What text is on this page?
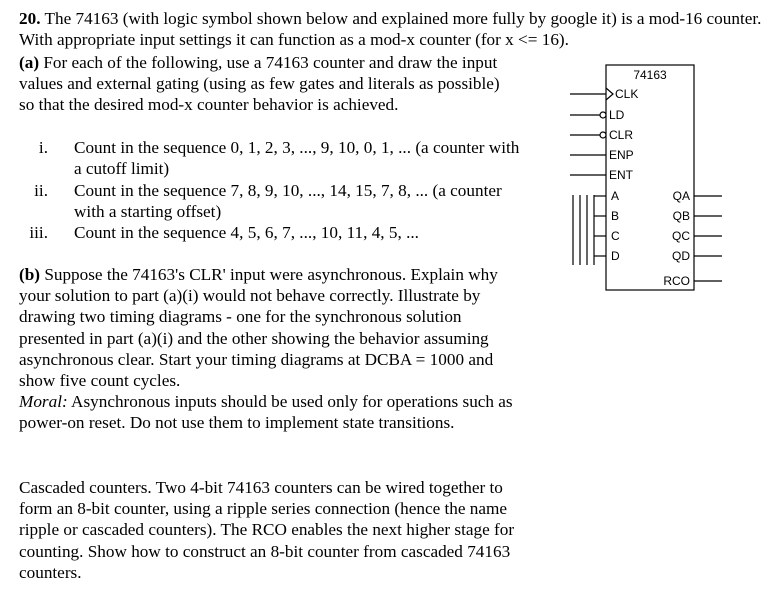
20. The 74163 (with logic symbol shown below and explained more fully by google it) is a mod-16 counter. With appropriate input settings it can function as a mod-x counter (for x <= 16).

(a) For each of the following, use a 74163 counter and draw the input values and external gating (using as few gates and literals as possible) so that the desired mod-x counter behavior is achieved.

i. Count in the sequence 0, 1, 2, 3, ..., 9, 10, 0, 1, ... (a counter with a cutoff limit)
ii. Count in the sequence 7, 8, 9, 10, ..., 14, 15, 7, 8, ... (a counter with a starting offset)
iii. Count in the sequence 4, 5, 6, 7, ..., 10, 11, 4, 5, ...

(b) Suppose the 74163's CLR' input were asynchronous. Explain why your solution to part (a)(i) would not behave correctly. Illustrate by drawing two timing diagrams - one for the synchronous solution presented in part (a)(i) and the other showing the behavior assuming asynchronous clear. Start your timing diagrams at DCBA = 1000 and show five count cycles.
Moral: Asynchronous inputs should be used only for operations such as power-on reset. Do not use them to implement state transitions.

Cascaded counters. Two 4-bit 74163 counters can be wired together to form an 8-bit counter, using a ripple series connection (hence the name ripple or cascaded counters). The RCO enables the next higher stage for counting. Show how to construct an 8-bit counter from cascaded 74163 counters.

74163
CLK
LD
CLR
ENP
ENT
A
B
C
D
QA
QB
QC
QD
RCO
